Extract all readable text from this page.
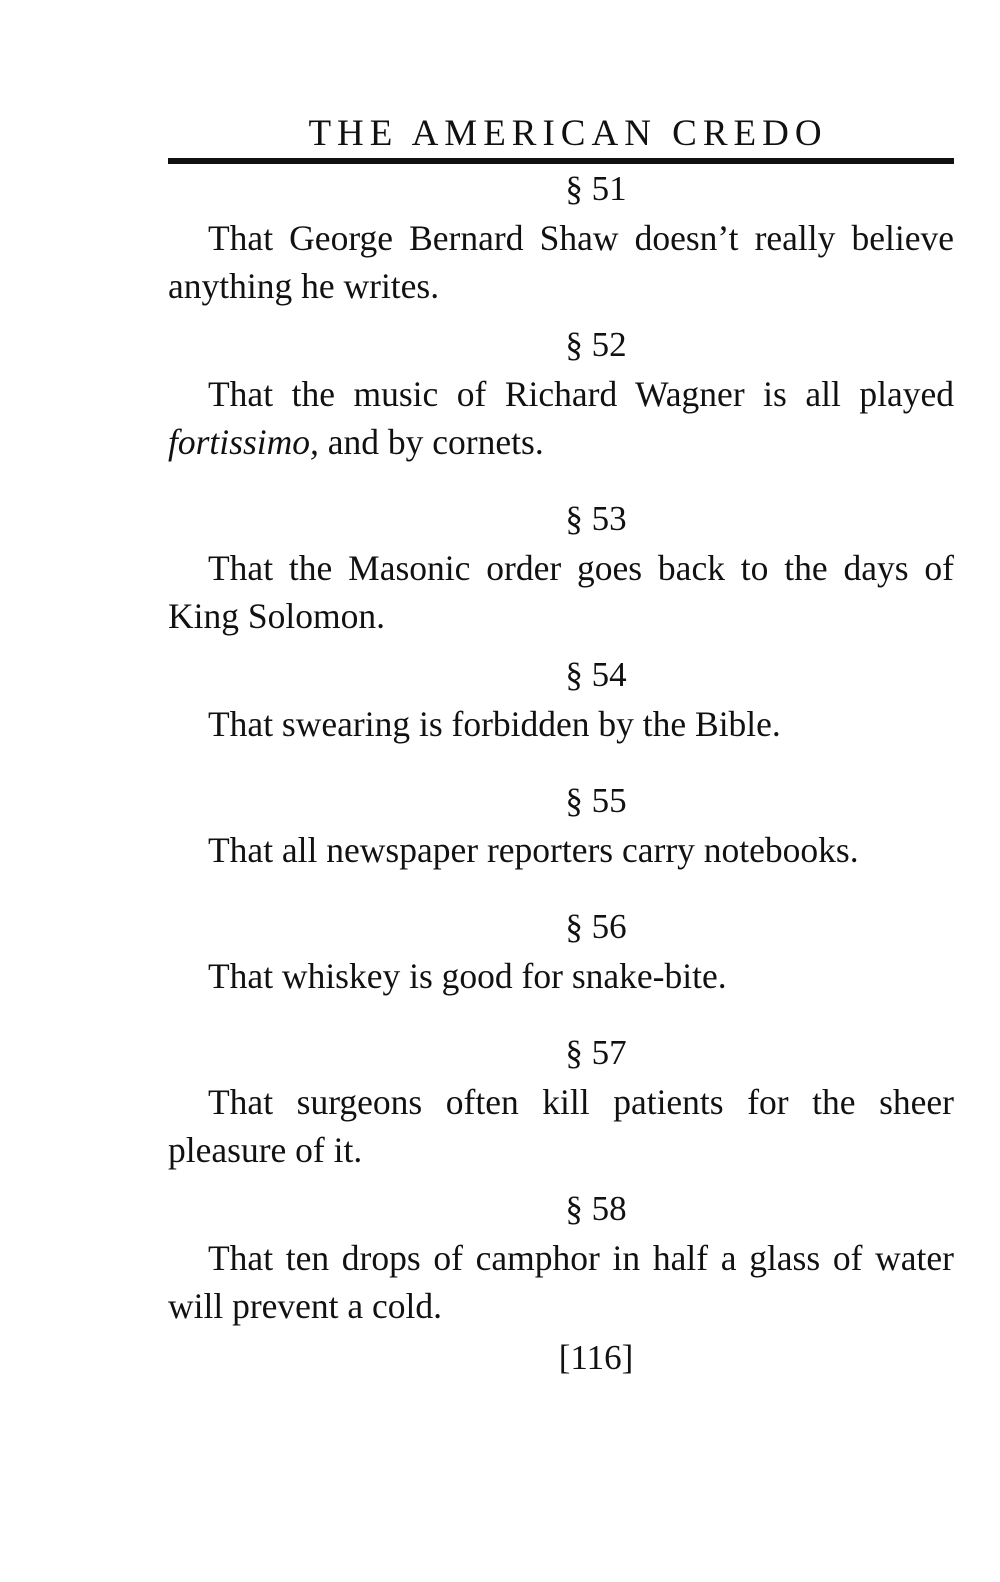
THE AMERICAN CREDO
§ 51

That George Bernard Shaw doesn’t really believe anything he writes.

§ 52

That the music of Richard Wagner is all played fortissimo, and by cornets.

§ 53

That the Masonic order goes back to the days of King Solomon.

§ 54

That swearing is forbidden by the Bible.

§ 55

That all newspaper reporters carry notebooks.

§ 56

That whiskey is good for snake-bite.

§ 57

That surgeons often kill patients for the sheer pleasure of it.

§ 58

That ten drops of camphor in half a glass of water will prevent a cold.

[116]
